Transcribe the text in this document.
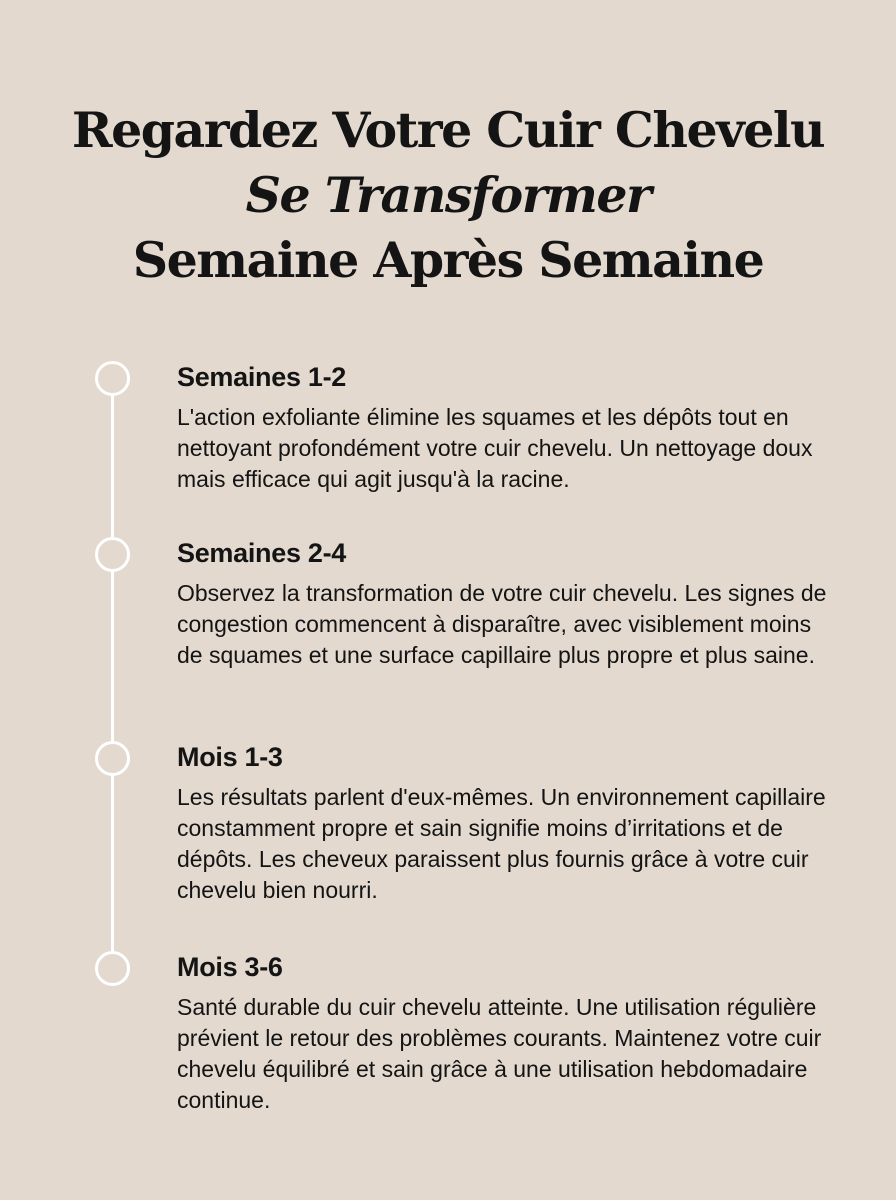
Regardez Votre Cuir Chevelu
Se Transformer
Semaine Après Semaine

Semaines 1-2

L'action exfoliante élimine les squames et les dépôts tout en nettoyant profondément votre cuir chevelu. Un nettoyage doux mais efficace qui agit jusqu'à la racine.

Semaines 2-4

Observez la transformation de votre cuir chevelu. Les signes de congestion commencent à disparaître, avec visiblement moins de squames et une surface capillaire plus propre et plus saine.

Mois 1-3

Les résultats parlent d'eux-mêmes. Un environnement capillaire constamment propre et sain signifie moins d’irritations et de dépôts. Les cheveux paraissent plus fournis grâce à votre cuir chevelu bien nourri.

Mois 3-6

Santé durable du cuir chevelu atteinte. Une utilisation régulière prévient le retour des problèmes courants. Maintenez votre cuir chevelu équilibré et sain grâce à une utilisation hebdomadaire continue.
